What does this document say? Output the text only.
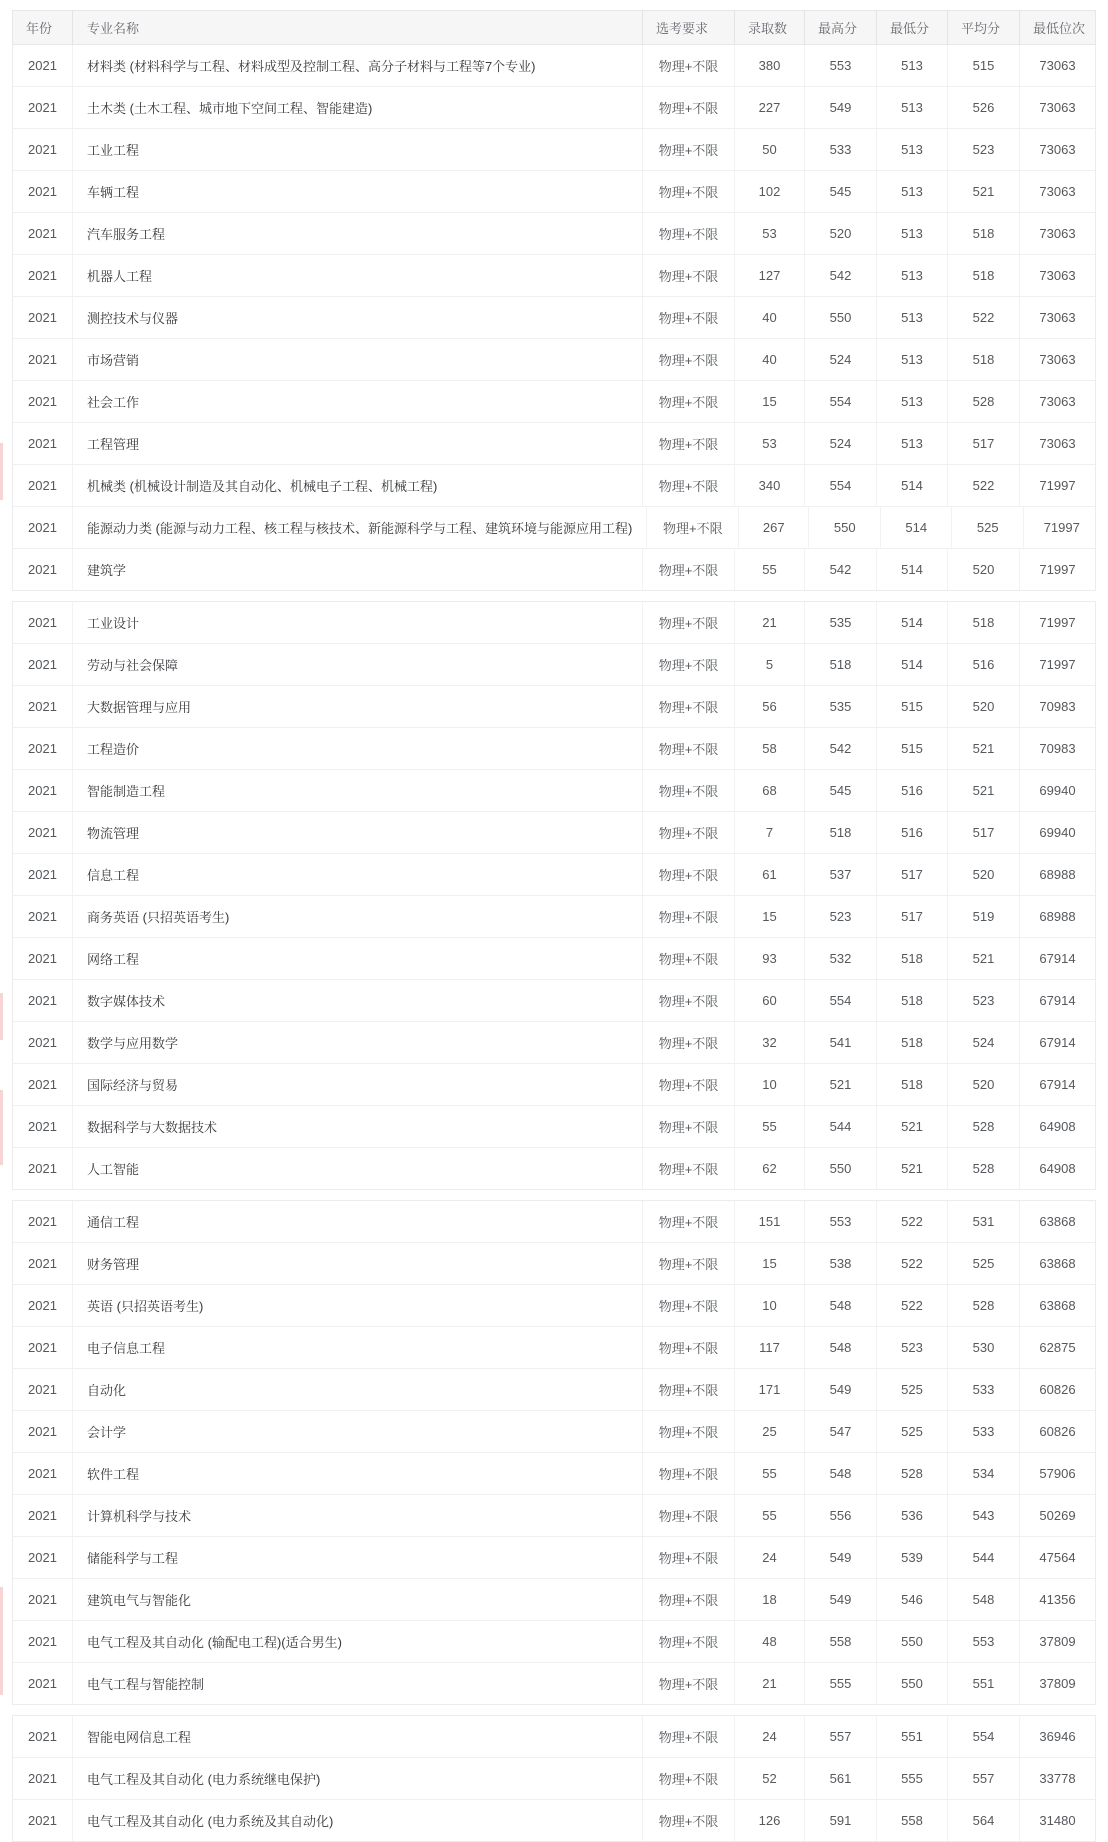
年份	专业名称	选考要求	录取数	最高分	最低分	平均分	最低位次
2021	材料类 (材料科学与工程、材料成型及控制工程、高分子材料与工程等7个专业)	物理+不限	380	553	513	515	73063
2021	土木类 (土木工程、城市地下空间工程、智能建造)	物理+不限	227	549	513	526	73063
2021	工业工程	物理+不限	50	533	513	523	73063
2021	车辆工程	物理+不限	102	545	513	521	73063
2021	汽车服务工程	物理+不限	53	520	513	518	73063
2021	机器人工程	物理+不限	127	542	513	518	73063
2021	测控技术与仪器	物理+不限	40	550	513	522	73063
2021	市场营销	物理+不限	40	524	513	518	73063
2021	社会工作	物理+不限	15	554	513	528	73063
2021	工程管理	物理+不限	53	524	513	517	73063
2021	机械类 (机械设计制造及其自动化、机械电子工程、机械工程)	物理+不限	340	554	514	522	71997
2021	能源动力类 (能源与动力工程、核工程与核技术、新能源科学与工程、建筑环境与能源应用工程)	物理+不限	267	550	514	525	71997
2021	建筑学	物理+不限	55	542	514	520	71997
2021	工业设计	物理+不限	21	535	514	518	71997
2021	劳动与社会保障	物理+不限	5	518	514	516	71997
2021	大数据管理与应用	物理+不限	56	535	515	520	70983
2021	工程造价	物理+不限	58	542	515	521	70983
2021	智能制造工程	物理+不限	68	545	516	521	69940
2021	物流管理	物理+不限	7	518	516	517	69940
2021	信息工程	物理+不限	61	537	517	520	68988
2021	商务英语 (只招英语考生)	物理+不限	15	523	517	519	68988
2021	网络工程	物理+不限	93	532	518	521	67914
2021	数字媒体技术	物理+不限	60	554	518	523	67914
2021	数学与应用数学	物理+不限	32	541	518	524	67914
2021	国际经济与贸易	物理+不限	10	521	518	520	67914
2021	数据科学与大数据技术	物理+不限	55	544	521	528	64908
2021	人工智能	物理+不限	62	550	521	528	64908
2021	通信工程	物理+不限	151	553	522	531	63868
2021	财务管理	物理+不限	15	538	522	525	63868
2021	英语 (只招英语考生)	物理+不限	10	548	522	528	63868
2021	电子信息工程	物理+不限	117	548	523	530	62875
2021	自动化	物理+不限	171	549	525	533	60826
2021	会计学	物理+不限	25	547	525	533	60826
2021	软件工程	物理+不限	55	548	528	534	57906
2021	计算机科学与技术	物理+不限	55	556	536	543	50269
2021	储能科学与工程	物理+不限	24	549	539	544	47564
2021	建筑电气与智能化	物理+不限	18	549	546	548	41356
2021	电气工程及其自动化 (输配电工程)(适合男生)	物理+不限	48	558	550	553	37809
2021	电气工程与智能控制	物理+不限	21	555	550	551	37809
2021	智能电网信息工程	物理+不限	24	557	551	554	36946
2021	电气工程及其自动化 (电力系统继电保护)	物理+不限	52	561	555	557	33778
2021	电气工程及其自动化 (电力系统及其自动化)	物理+不限	126	591	558	564	31480
